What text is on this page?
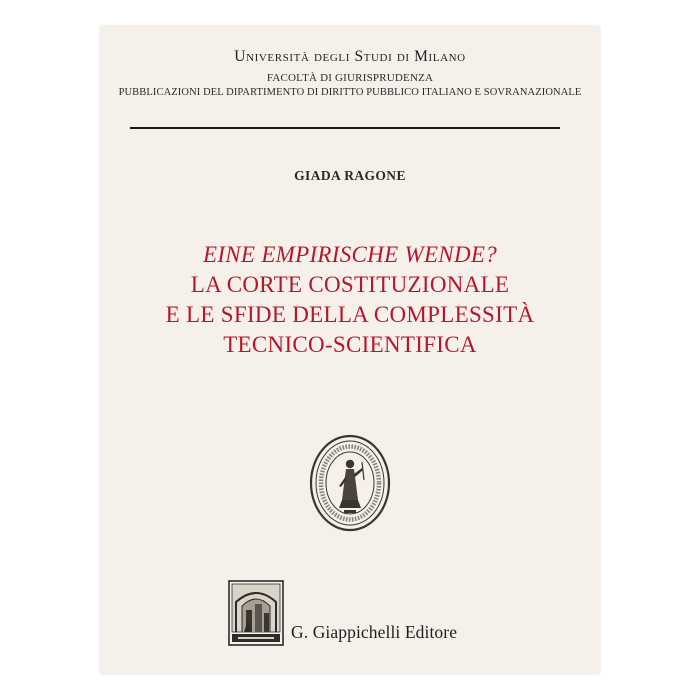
Università degli Studi di Milano
FACOLTÀ DI GIURISPRUDENZA
PUBBLICAZIONI DEL DIPARTIMENTO DI DIRITTO PUBBLICO ITALIANO E SOVRANAZIONALE
GIADA RAGONE
EINE EMPIRISCHE WENDE?
LA CORTE COSTITUZIONALE
E LE SFIDE DELLA COMPLESSITÀ
TECNICO-SCIENTIFICA
G. Giappichelli Editore
